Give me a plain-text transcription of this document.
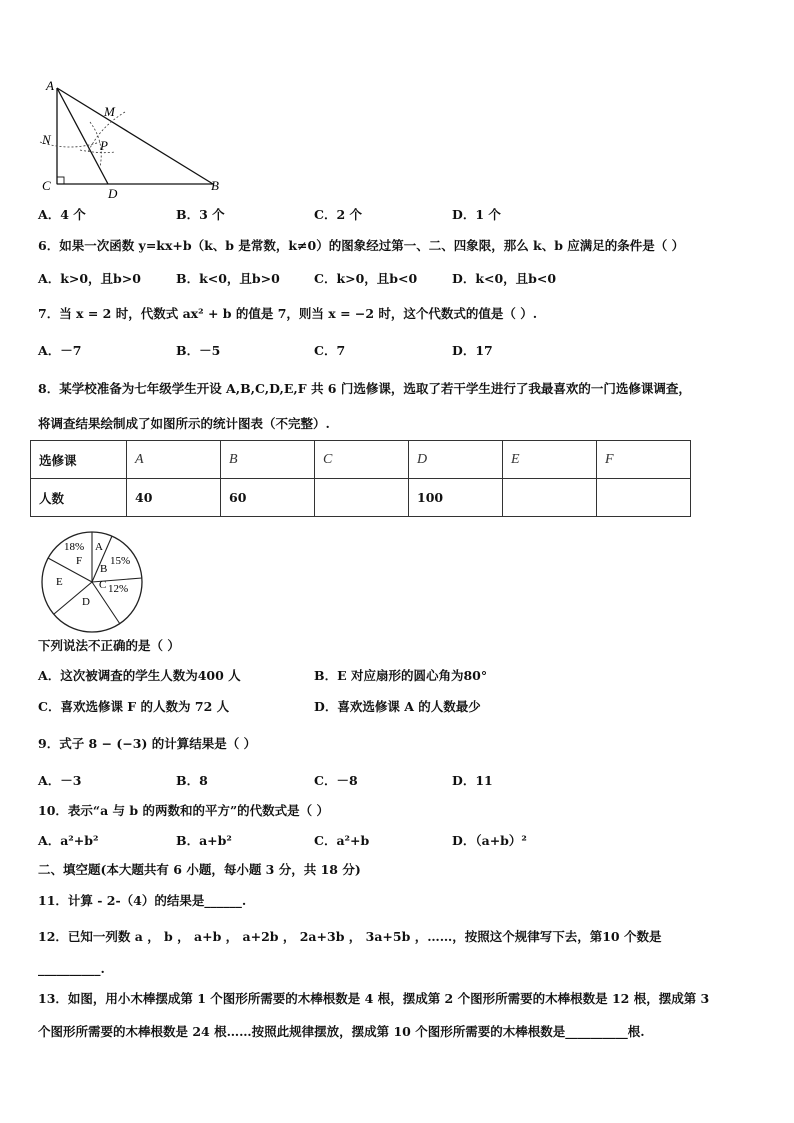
A
M
N	P
C
D
B
A．4 个	B．3 个	C．2 个	D．1 个
6．如果一次函数 y=kx+b（k、b 是常数，k≠0）的图象经过第一、二、四象限，那么 k、b 应满足的条件是（ ）
A．k>0，且b>0	B．k<0，且b>0	C．k>0，且b<0	D．k<0，且b<0
7．当 x = 2 时，代数式 ax² + b 的值是 7，则当 x = −2 时，这个代数式的值是（ ）.
A．－7	B．－5	C．7	D．17
8．某学校准备为七年级学生开设 A,B,C,D,E,F 共 6 门选修课，选取了若干学生进行了我最喜欢的一门选修课调查，
将调查结果绘制成了如图所示的统计图表（不完整）.
选修课	A	B	C	D	E	F
人数	40	60		100		
18% A
F	15%
B
E	C 12%
D
下列说法不正确的是（ ）
A．这次被调查的学生人数为400 人	B．E 对应扇形的圆心角为80°
C．喜欢选修课 F 的人数为 72 人	D．喜欢选修课 A 的人数最少
9．式子 8 − (−3) 的计算结果是（ ）
A．－3	B．8	C．－8	D．11
10．表示“a 与 b 的两数和的平方”的代数式是（ ）
A．a²+b²	B．a+b²	C．a²+b	D．（a+b）²
二、填空题(本大题共有 6 小题，每小题 3 分，共 18 分)
11．计算 - 2-（4）的结果是______.
12．已知一列数 a ， b ， a+b ， a+2b ， 2a+3b ， 3a+5b ，……，按照这个规律写下去，第10 个数是
__________.
13．如图，用小木棒摆成第 1 个图形所需要的木棒根数是 4 根，摆成第 2 个图形所需要的木棒根数是 12 根，摆成第 3
个图形所需要的木棒根数是 24 根……按照此规律摆放，摆成第 10 个图形所需要的木棒根数是__________根.
